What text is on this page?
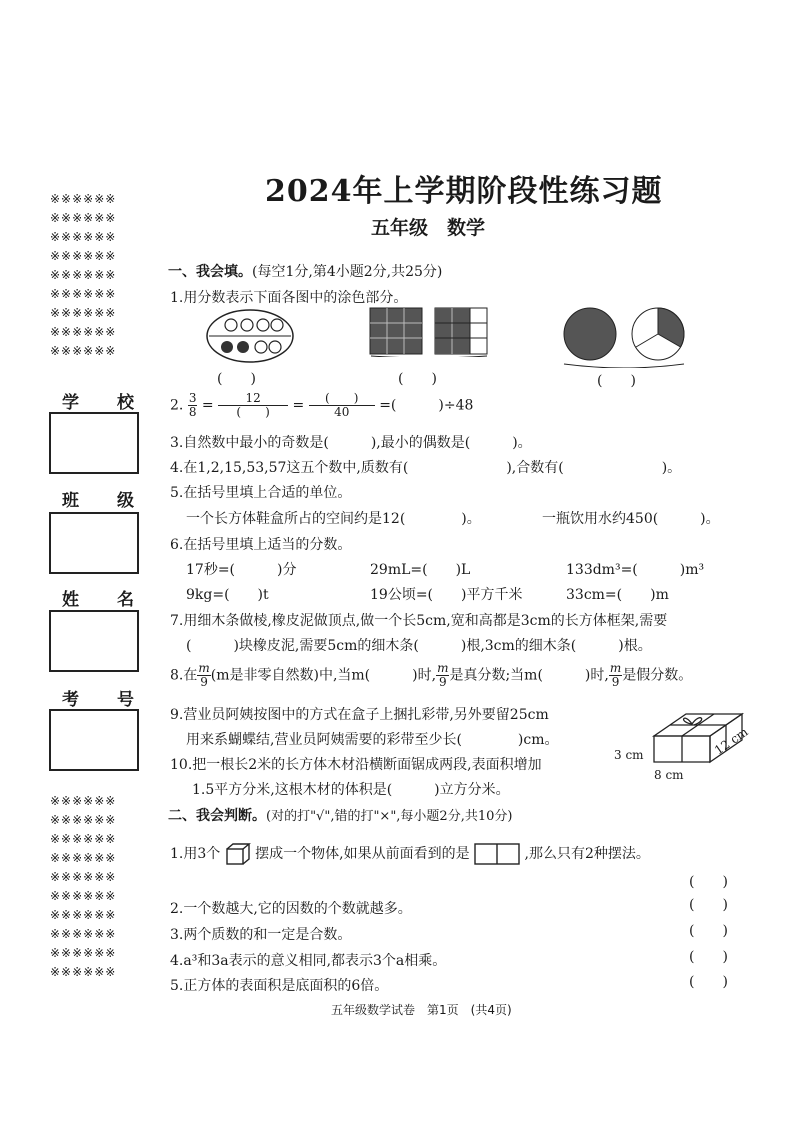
※※※※※※
※※※※※※
※※※※※※
※※※※※※
※※※※※※
※※※※※※
※※※※※※
※※※※※※
※※※※※※
学校
班级
姓名
考号
※※※※※※
※※※※※※
※※※※※※
※※※※※※
※※※※※※
※※※※※※
※※※※※※
※※※※※※
※※※※※※
※※※※※※
2024年上学期阶段性练习题
五年级　数学
一、我会填。(每空1分,第4小题2分,共25分)
1.用分数表示下面各图中的涂色部分。
(　　)	(　　)	(　　)
2. $\frac{3}{8} = \frac{12}{( )} = \frac{( )}{40}$ =(　　　)÷48
3.自然数中最小的奇数是(　　　),最小的偶数是(　　　)。
4.在1,2,15,53,57这五个数中,质数有(　　　　　　　),合数有(　　　　　　　)。
5.在括号里填上合适的单位。
一个长方体鞋盒所占的空间约是12(　　　　)。	一瓶饮用水约450(　　　)。
6.在括号里填上适当的分数。
17秒=(　　　)分	29mL=(　　)L	133dm³=(　　　)m³
9kg=(　　)t	19公顷=(　　)平方千米	33cm=(　　)m
7.用细木条做棱,橡皮泥做顶点,做一个长5cm,宽和高都是3cm的长方体框架,需要
(　　　)块橡皮泥,需要5cm的细木条(　　　)根,3cm的细木条(　　　)根。
8.在 $\frac{m}{9} (m$是非零自然数)中,当m(　　　)时, $\frac{m}{9}$ 是真分数;当m(　　　)时, $\frac{m}{9}$ 是假分数。
9.营业员阿姨按图中的方式在盒子上捆扎彩带,另外要留25cm
用来系蝴蝶结,营业员阿姨需要的彩带至少长(　　　　)cm。
10.把一根长2米的长方体木材沿横断面锯成两段,表面积增加
1.5平方分米,这根木材的体积是(　　　)立方分米。
3 cm
8 cm
12 cm
二、我会判断。(对的打"√",错的打"×",每小题2分,共10分)
1.用3个 摆成一个物体,如果从前面看到的是	,那么只有2种摆法。
(　　)
2.一个数越大,它的因数的个数就越多。	(　　)
3.两个质数的和一定是合数。	(　　)
4.a³和3a表示的意义相同,都表示3个a相乘。	(　　)
5.正方体的表面积是底面积的6倍。	(　　)
五年级数学试卷　第1页　(共4页)
